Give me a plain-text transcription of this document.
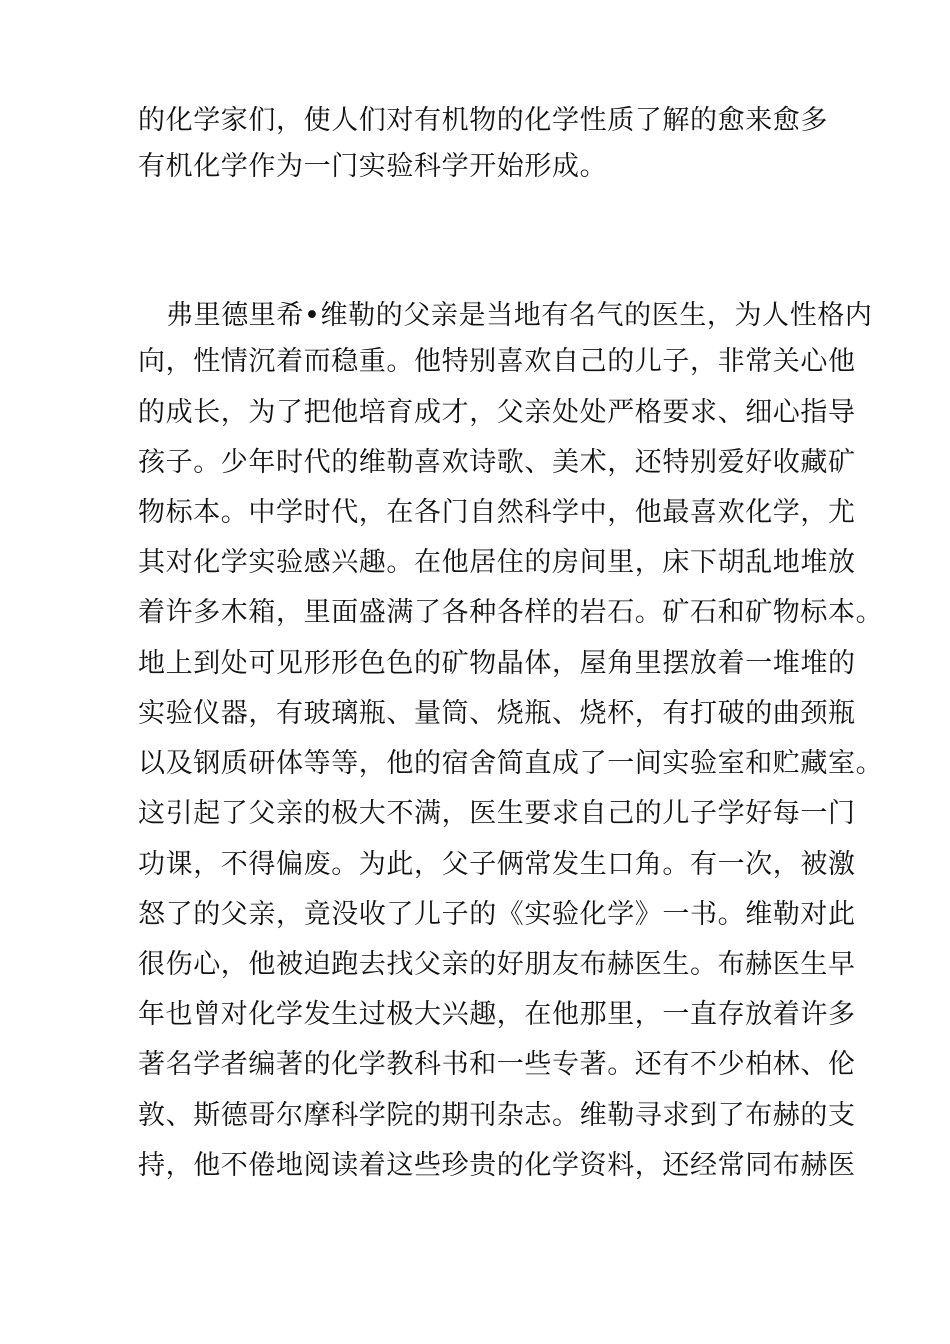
的化学家们，使人们对有机物的化学性质了解的愈来愈多
有机化学作为一门实验科学开始形成。
弗里德里希•维勒的父亲是当地有名气的医生，为人性格内
向，性情沉着而稳重。他特别喜欢自己的儿子，非常关心他
的成长，为了把他培育成才，父亲处处严格要求、细心指导
孩子。少年时代的维勒喜欢诗歌、美术，还特别爱好收藏矿
物标本。中学时代，在各门自然科学中，他最喜欢化学，尤
其对化学实验感兴趣。在他居住的房间里，床下胡乱地堆放
着许多木箱，里面盛满了各种各样的岩石。矿石和矿物标本。
地上到处可见形形色色的矿物晶体，屋角里摆放着一堆堆的
实验仪器，有玻璃瓶、量筒、烧瓶、烧杯，有打破的曲颈瓶
以及钢质研体等等，他的宿舍简直成了一间实验室和贮藏室。
这引起了父亲的极大不满，医生要求自己的儿子学好每一门
功课，不得偏废。为此，父子俩常发生口角。有一次，被激
怒了的父亲，竟没收了儿子的《实验化学》一书。维勒对此
很伤心，他被迫跑去找父亲的好朋友布赫医生。布赫医生早
年也曾对化学发生过极大兴趣，在他那里，一直存放着许多
著名学者编著的化学教科书和一些专著。还有不少柏林、伦
敦、斯德哥尔摩科学院的期刊杂志。维勒寻求到了布赫的支
持，他不倦地阅读着这些珍贵的化学资料，还经常同布赫医
